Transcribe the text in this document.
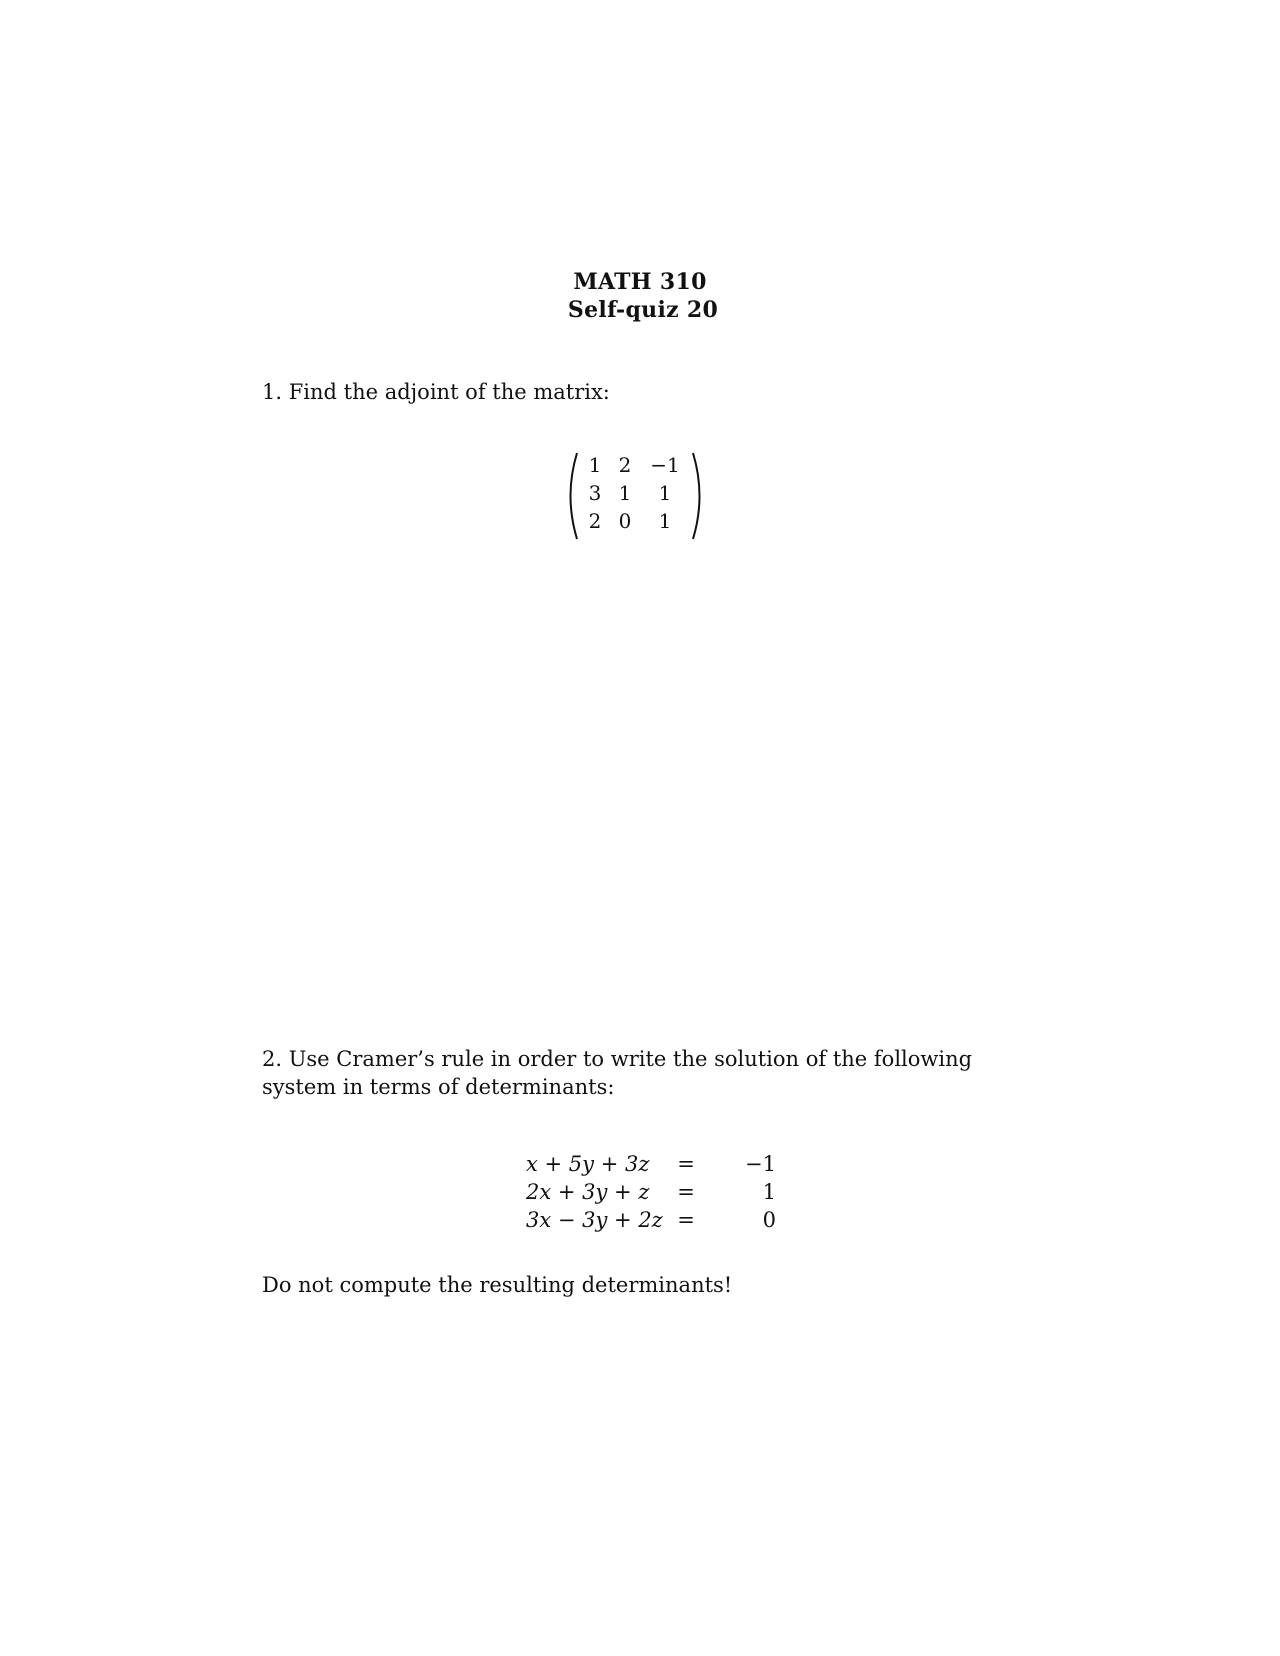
MATH 310
Self-quiz 20
1. Find the adjoint of the matrix:
1	2	−1
3	1	1
2	0	1
2. Use Cramer’s rule in order to write the solution of the following system in terms of determinants:
x + 5y + 3z	=	−1
2x + 3y + z	=	1
3x − 3y + 2z	=	0
Do not compute the resulting determinants!
